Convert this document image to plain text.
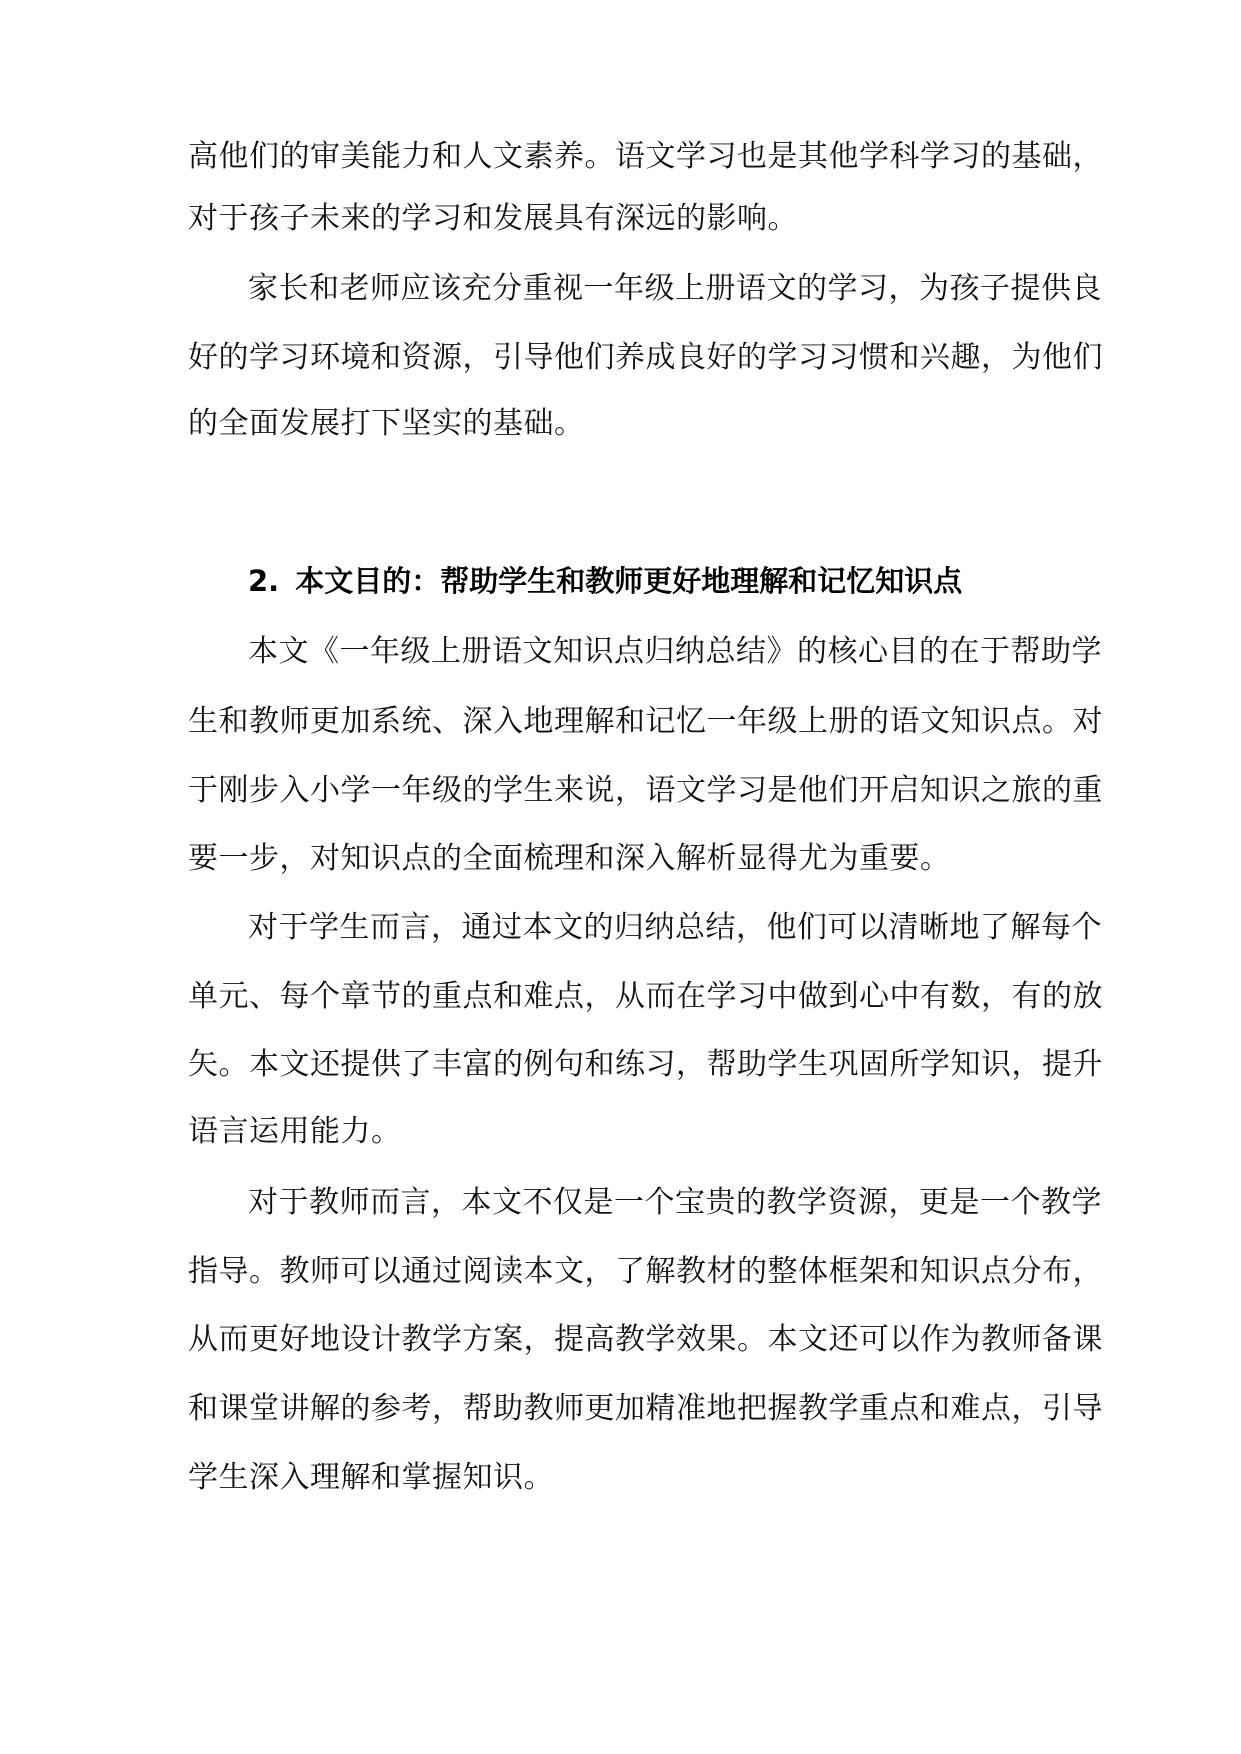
高他们的审美能力和人文素养。语文学习也是其他学科学习的基础，
对于孩子未来的学习和发展具有深远的影响。
家长和老师应该充分重视一年级上册语文的学习，为孩子提供良
好的学习环境和资源，引导他们养成良好的学习习惯和兴趣，为他们
的全面发展打下坚实的基础。
2. 本文目的：帮助学生和教师更好地理解和记忆知识点
本文《一年级上册语文知识点归纳总结》的核心目的在于帮助学
生和教师更加系统、深入地理解和记忆一年级上册的语文知识点。对
于刚步入小学一年级的学生来说，语文学习是他们开启知识之旅的重
要一步，对知识点的全面梳理和深入解析显得尤为重要。
对于学生而言，通过本文的归纳总结，他们可以清晰地了解每个
单元、每个章节的重点和难点，从而在学习中做到心中有数，有的放
矢。本文还提供了丰富的例句和练习，帮助学生巩固所学知识，提升
语言运用能力。
对于教师而言，本文不仅是一个宝贵的教学资源，更是一个教学
指导。教师可以通过阅读本文，了解教材的整体框架和知识点分布，
从而更好地设计教学方案，提高教学效果。本文还可以作为教师备课
和课堂讲解的参考，帮助教师更加精准地把握教学重点和难点，引导
学生深入理解和掌握知识。
